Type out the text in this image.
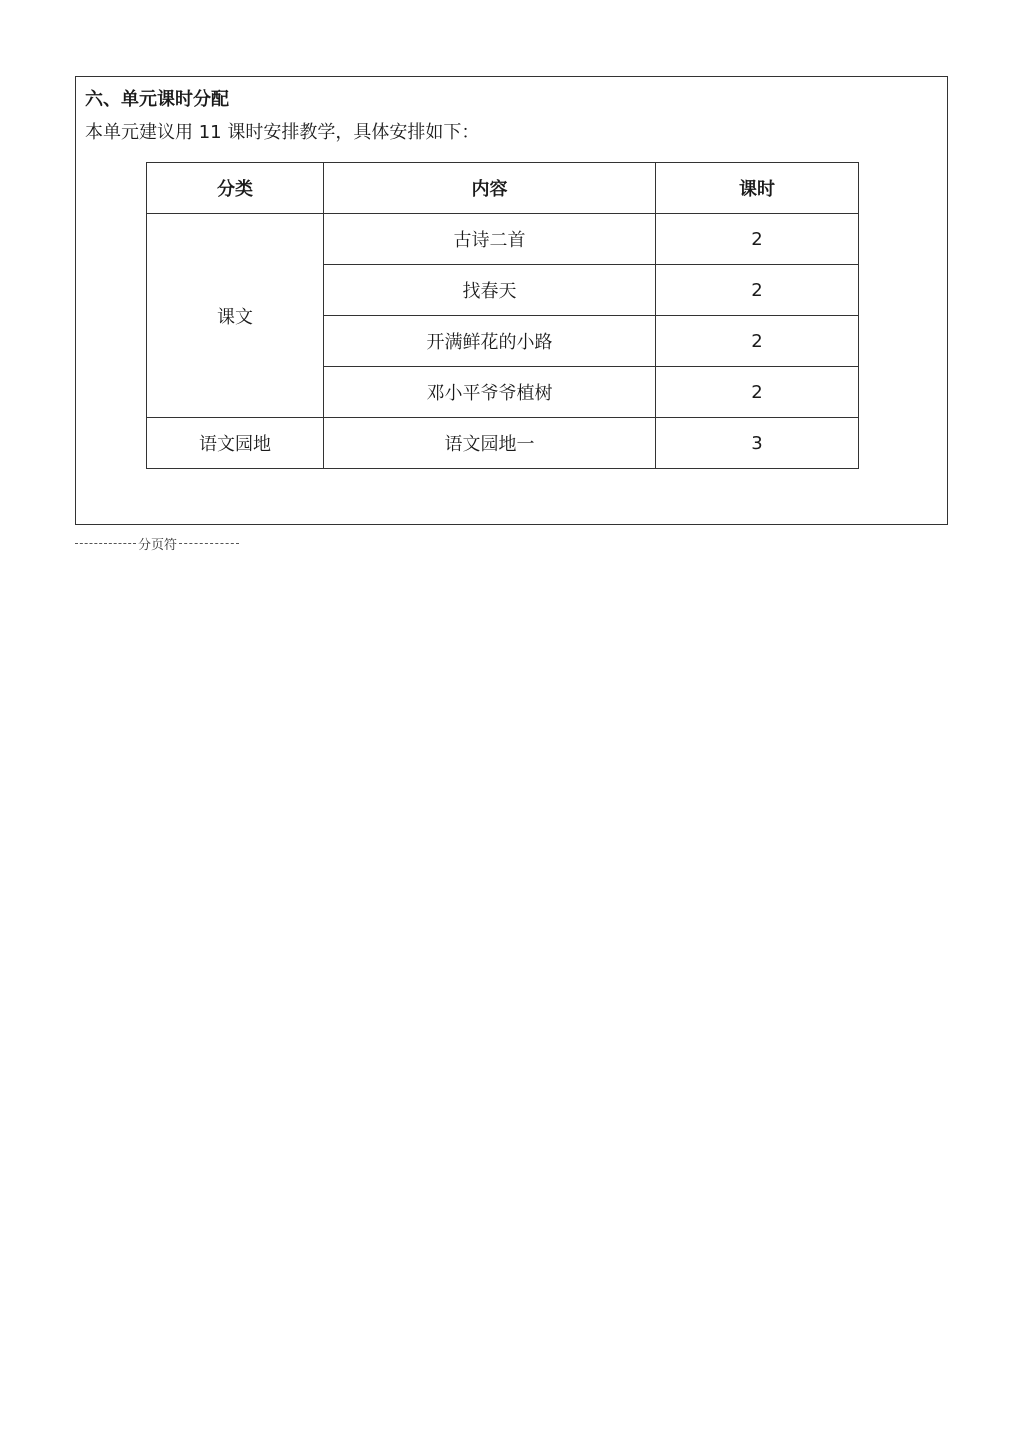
六、单元课时分配
本单元建议用 11 课时安排教学，具体安排如下：
分类	内容	课时
课文	古诗二首	2
	找春天	2
	开满鲜花的小路	2
	邓小平爷爷植树	2
语文园地	语文园地一	3
分页符
